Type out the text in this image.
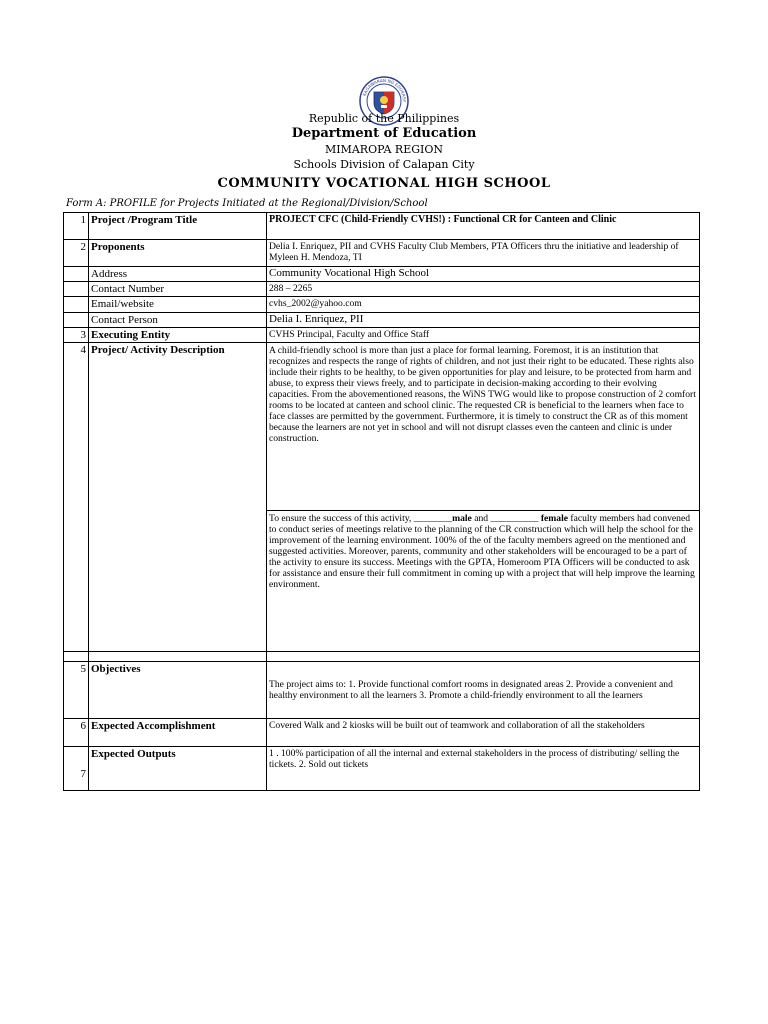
KAGAWARAN NG EDUKASY
Republic of the Philippines
Department of Education
MIMAROPA REGION
Schools Division of Calapan City
COMMUNITY VOCATIONAL HIGH SCHOOL
Form A: PROFILE for Projects Initiated at the Regional/Division/School
1	Project /Program Title	PROJECT CFC (Child-Friendly CVHS!) : Functional CR for Canteen and Clinic
2	Proponents	Delia I. Enriquez, PII and CVHS Faculty Club Members, PTA Officers thru the initiative and leadership of Myleen H. Mendoza, TI
	Address	Community Vocational High School
	Contact Number	288 – 2265
	Email/website	cvhs_2002@yahoo.com
	Contact Person	Delia I. Enriquez, PII
3	Executing Entity	CVHS Principal, Faculty and Office Staff
4	Project/ Activity Description	A child-friendly school is more than just a place for formal learning. Foremost, it is an institution that recognizes and respects the range of rights of children, and not just their right to be educated. These rights also include their rights to be healthy, to be given opportunities for play and leisure, to be protected from harm and abuse, to express their views freely, and to participate in decision-making according to their evolving capacities. From the abovementioned reasons, the WiNS TWG would like to propose construction of 2 comfort rooms to be located at canteen and school clinic. The requested CR is beneficial to the learners when face to face classes are permitted by the government. Furthermore, it is timely to construct the CR as of this moment because the learners are not yet in school and will not disrupt classes even the canteen and clinic is under construction.
		To ensure the success of this activity, ________male and __________ female faculty members had convened to conduct series of meetings relative to the planning of the CR construction which will help the school for the improvement of the learning environment. 100% of the of the faculty members agreed on the mentioned and suggested activities. Moreover, parents, community and other stakeholders will be encouraged to be a part of the activity to ensure its success. Meetings with the GPTA, Homeroom PTA Officers will be conducted to ask for assistance and ensure their full commitment in coming up with a project that will help improve the learning environment.

5	Objectives	The project aims to: 1. Provide functional comfort rooms in designated areas 2. Provide a convenient and healthy environment to all the learners 3. Promote a child-friendly environment to all the learners
6	Expected Accomplishment	Covered Walk and 2 kiosks will be built out of teamwork and collaboration of all the stakeholders
7	Expected Outputs	1 . 100% participation of all the internal and external stakeholders in the process of distributing/ selling the tickets. 2. Sold out tickets
